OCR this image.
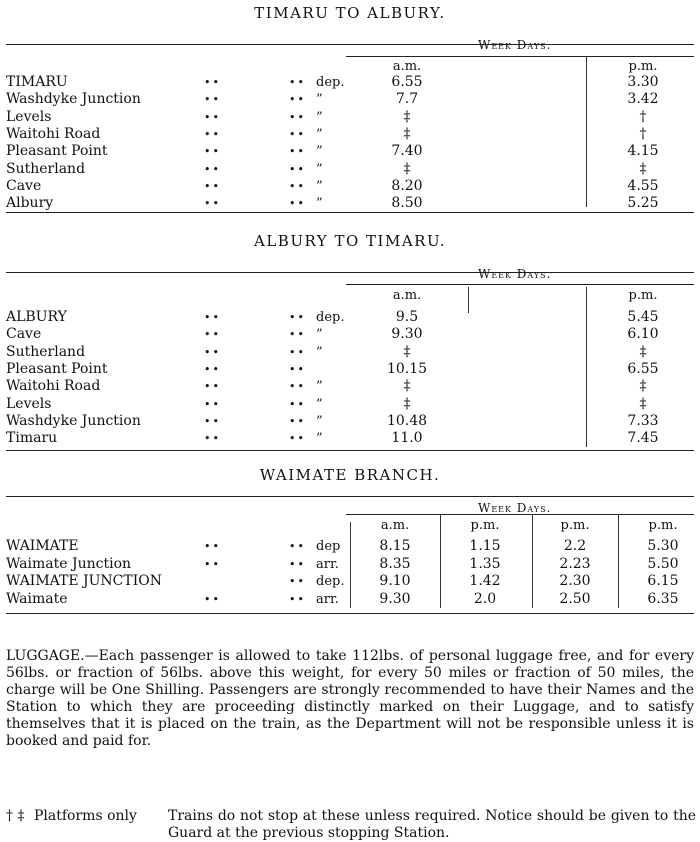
TIMARU TO ALBURY.
Week Days.
a.m.	p.m.
TIMARU	••	•• dep.	6.55	3.30
Washdyke Junction	••	•• ”	7.7	3.42
Levels	••	•• ”	‡	†
Waitohi Road	••	•• ”	‡	†
Pleasant Point	••	•• ”	7.40	4.15
Sutherland	••	•• ”	‡	‡
Cave	••	•• ”	8.20	4.55
Albury	••	•• ”	8.50	5.25
ALBURY TO TIMARU.
Week Days.
a.m.	p.m.
ALBURY	••	•• dep.	9.5	5.45
Cave	••	•• ”	9.30	6.10
Sutherland	••	•• ”	‡	‡
Pleasant Point	••	••	10.15	6.55
Waitohi Road	••	•• ”	‡	‡
Levels	••	•• ”	‡	‡
Washdyke Junction	••	•• ”	10.48	7.33
Timaru	••	•• ”	11.0	7.45
WAIMATE BRANCH.
Week Days.
a.m.	p.m.	p.m.	p.m.
WAIMATE	••	•• dep	8.15	1.15	2.2	5.30
Waimate Junction	••	•• arr.	8.35	1.35	2.23	5.50
WAIMATE JUNCTION	•• dep.	9.10	1.42	2.30	6.15
Waimate	••	•• arr.	9.30	2.0	2.50	6.35
LUGGAGE.—Each passenger is allowed to take 112lbs. of personal luggage free, and for every 56lbs. or fraction of 56lbs. above this weight, for every 50 miles or fraction of 50 miles, the charge will be One Shilling. Passengers are strongly recommended to have their Names and the Station to which they are proceeding distinctly marked on their Luggage, and to satisfy themselves that it is placed on the train, as the Department will not be responsible unless it is booked and paid for.
† ‡ Platforms only Trains do not stop at these unless required. Notice should be given to the Guard at the previous stopping Station.
